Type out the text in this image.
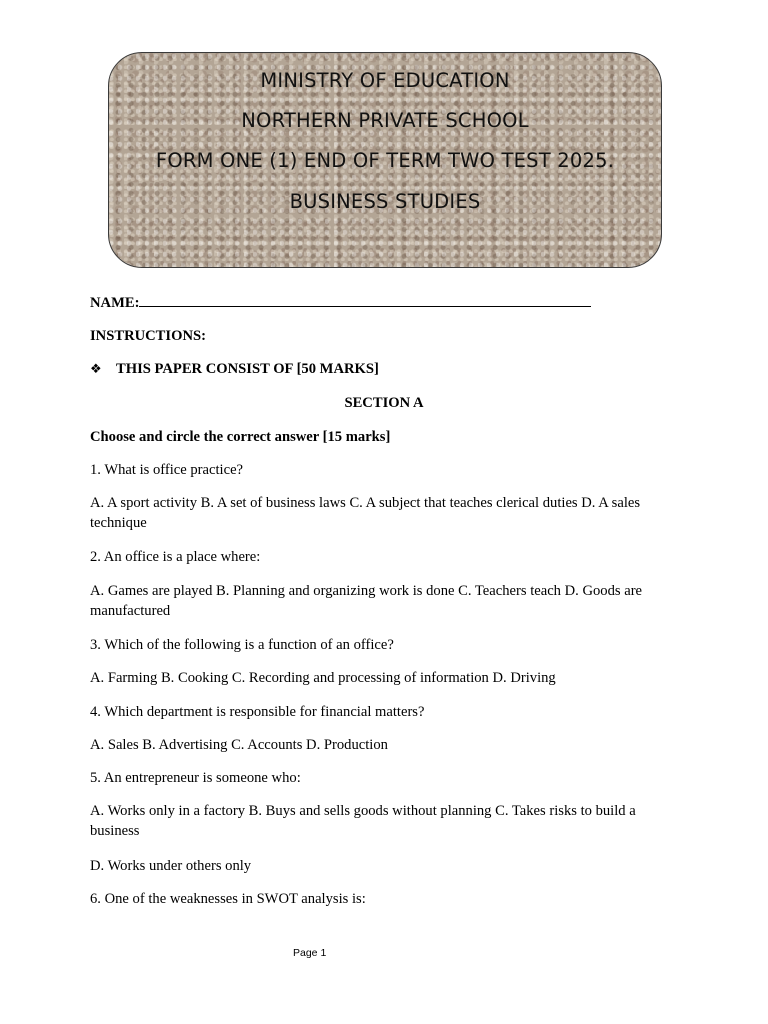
MINISTRY OF EDUCATION
NORTHERN PRIVATE SCHOOL
FORM ONE (1) END OF TERM TWO TEST 2025.
BUSINESS STUDIES
NAME:
INSTRUCTIONS:
❖ THIS PAPER CONSIST OF [50 MARKS]
SECTION A
Choose and circle the correct answer [15 marks]
1. What is office practice?
A. A sport activity B. A set of business laws C. A subject that teaches clerical duties D. A sales technique
2. An office is a place where:
A. Games are played B. Planning and organizing work is done C. Teachers teach D. Goods are manufactured
3. Which of the following is a function of an office?
A. Farming B. Cooking C. Recording and processing of information D. Driving
4. Which department is responsible for financial matters?
A. Sales B. Advertising C. Accounts D. Production
5. An entrepreneur is someone who:
A. Works only in a factory B. Buys and sells goods without planning C. Takes risks to build a business
D. Works under others only
6. One of the weaknesses in SWOT analysis is:
Page 1
